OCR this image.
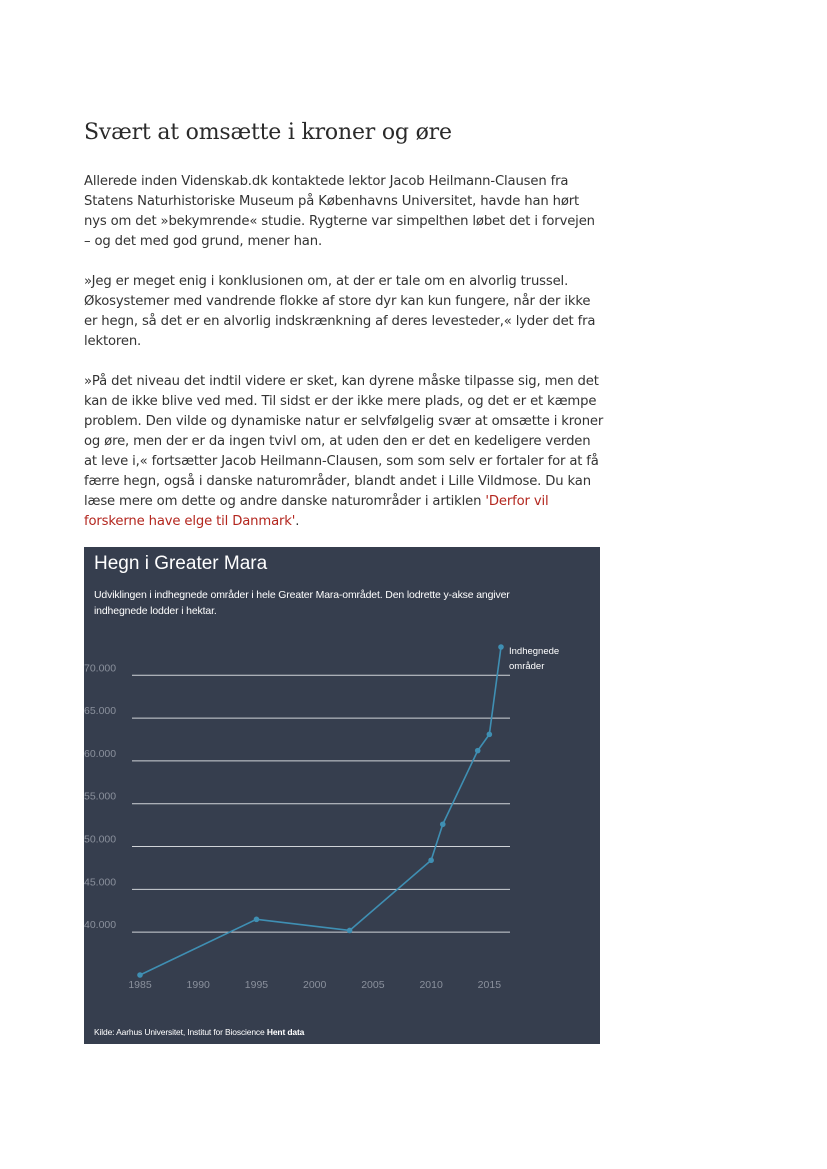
Svært at omsætte i kroner og øre

Allerede inden Videnskab.dk kontaktede lektor Jacob Heilmann-Clausen fra Statens Naturhistoriske Museum på Københavns Universitet, havde han hørt nys om det »bekymrende« studie. Rygterne var simpelthen løbet det i forvejen – og det med god grund, mener han.

»Jeg er meget enig i konklusionen om, at der er tale om en alvorlig trussel. Økosystemer med vandrende flokke af store dyr kan kun fungere, når der ikke er hegn, så det er en alvorlig indskrænkning af deres levesteder,« lyder det fra lektoren.

»På det niveau det indtil videre er sket, kan dyrene måske tilpasse sig, men det kan de ikke blive ved med. Til sidst er der ikke mere plads, og det er et kæmpe problem. Den vilde og dynamiske natur er selvfølgelig svær at omsætte i kroner og øre, men der er da ingen tvivl om, at uden den er det en kedeligere verden at leve i,« fortsætter Jacob Heilmann-Clausen, som som selv er fortaler for at få færre hegn, også i danske naturområder, blandt andet i Lille Vildmose. Du kan læse mere om dette og andre danske naturområder i artiklen 'Derfor vil forskerne have elge til Danmark'.

40.000
45.000
50.000
55.000
60.000
65.000
70.000
1985	1990	1995	2000	2005	2010	2015
Indhegnede områder
Hegn i Greater Mara

Udviklingen i indhegnede områder i hele Greater Mara-området. Den lodrette y-akse angiver indhegnede lodder i hektar.

Kilde: Aarhus Universitet, Institut for Bioscience Hent data
